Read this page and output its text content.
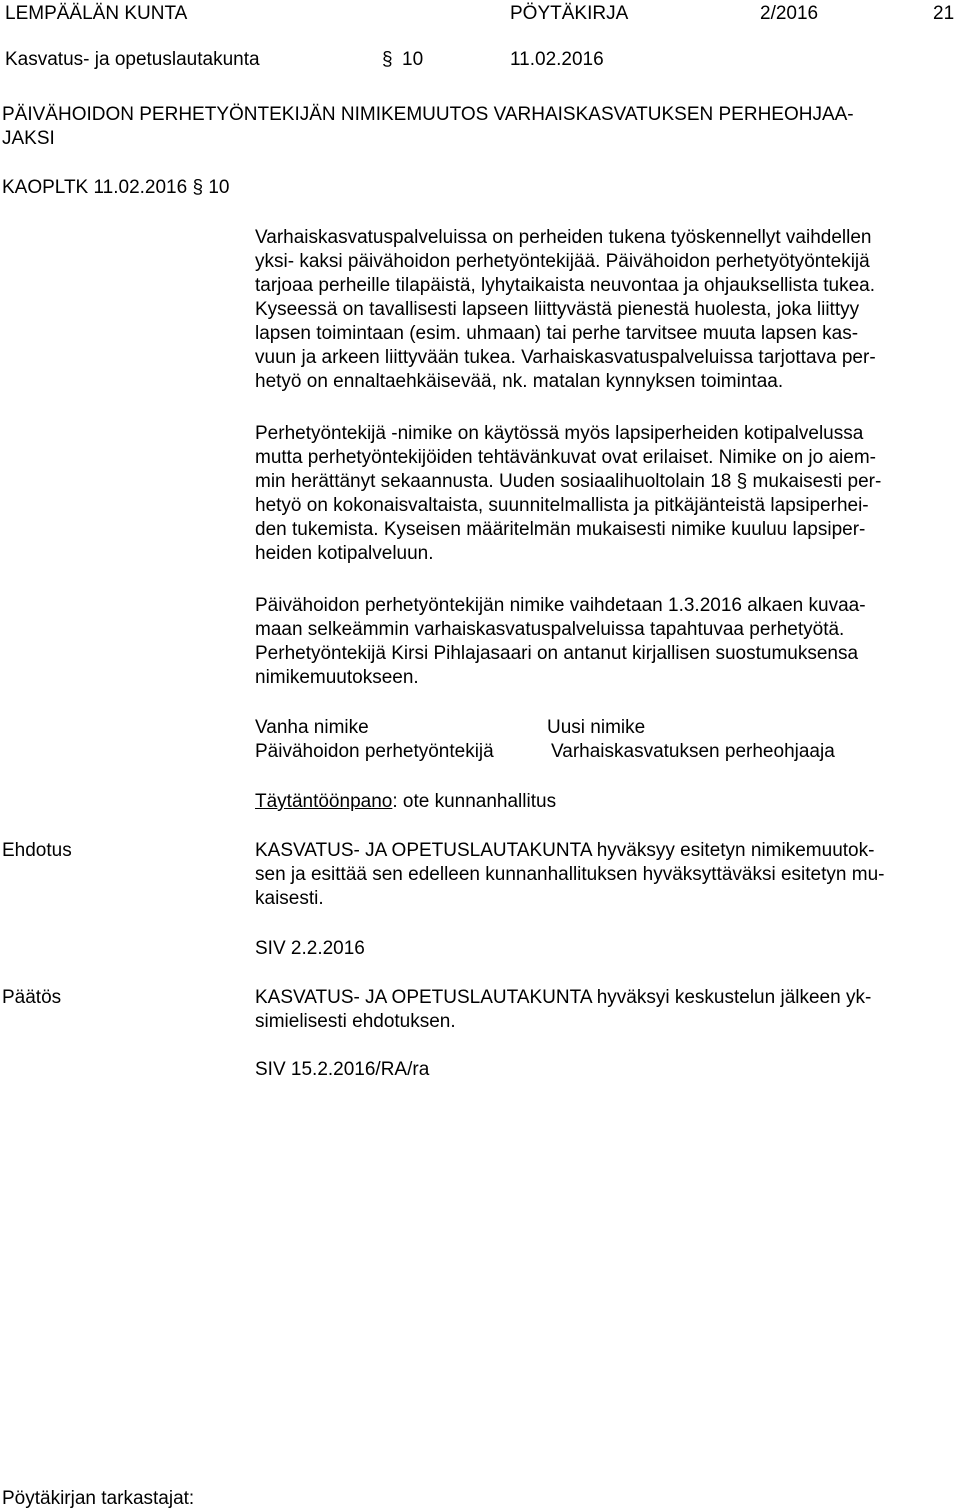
LEMPÄÄLÄN KUNTA	PÖYTÄKIRJA	2/2016	21
Kasvatus- ja opetuslautakunta	§ 10	11.02.2016
PÄIVÄHOIDON PERHETYÖNTEKIJÄN NIMIKEMUUTOS VARHAISKASVATUKSEN PERHEOHJAA-
JAKSI
KAOPLTK 11.02.2016 § 10

Varhaiskasvatuspalveluissa on perheiden tukena työskennellyt vaihdellen

yksi- kaksi päivähoidon perhetyöntekijää. Päivähoidon perhetyötyöntekijä

tarjoaa perheille tilapäistä, lyhytaikaista neuvontaa ja ohjauksellista tukea.

Kyseessä on tavallisesti lapseen liittyvästä pienestä huolesta, joka liittyy

lapsen toimintaan (esim. uhmaan) tai perhe tarvitsee muuta lapsen kas-

vuun ja arkeen liittyvään tukea. Varhaiskasvatuspalveluissa tarjottava per-

hetyö on ennaltaehkäisevää, nk. matalan kynnyksen toimintaa.

Perhetyöntekijä -nimike on käytössä myös lapsiperheiden kotipalvelussa

mutta perhetyöntekijöiden tehtävänkuvat ovat erilaiset. Nimike on jo aiem-

min herättänyt sekaannusta. Uuden sosiaalihuoltolain 18 § mukaisesti per-

hetyö on kokonaisvaltaista, suunnitelmallista ja pitkäjänteistä lapsiperhei-

den tukemista. Kyseisen määritelmän mukaisesti nimike kuuluu lapsiper-

heiden kotipalveluun.

Päivähoidon perhetyöntekijän nimike vaihdetaan 1.3.2016 alkaen kuvaa-

maan selkeämmin varhaiskasvatuspalveluissa tapahtuvaa perhetyötä.

Perhetyöntekijä Kirsi Pihlajasaari on antanut kirjallisen suostumuksensa

nimikemuutokseen.

Vanha nimike	Uusi nimike
Päivähoidon perhetyöntekijä	Varhaiskasvatuksen perheohjaaja
Täytäntöönpano: ote kunnanhallitus
Ehdotus	KASVATUS- JA OPETUSLAUTAKUNTA hyväksyy esitetyn nimikemuutok-

sen ja esittää sen edelleen kunnanhallituksen hyväksyttäväksi esitetyn mu-

kaisesti.

SIV 2.2.2016
Päätös	KASVATUS- JA OPETUSLAUTAKUNTA hyväksyi keskustelun jälkeen yk-

simielisesti ehdotuksen.

SIV 15.2.2016/RA/ra
Pöytäkirjan tarkastajat:
